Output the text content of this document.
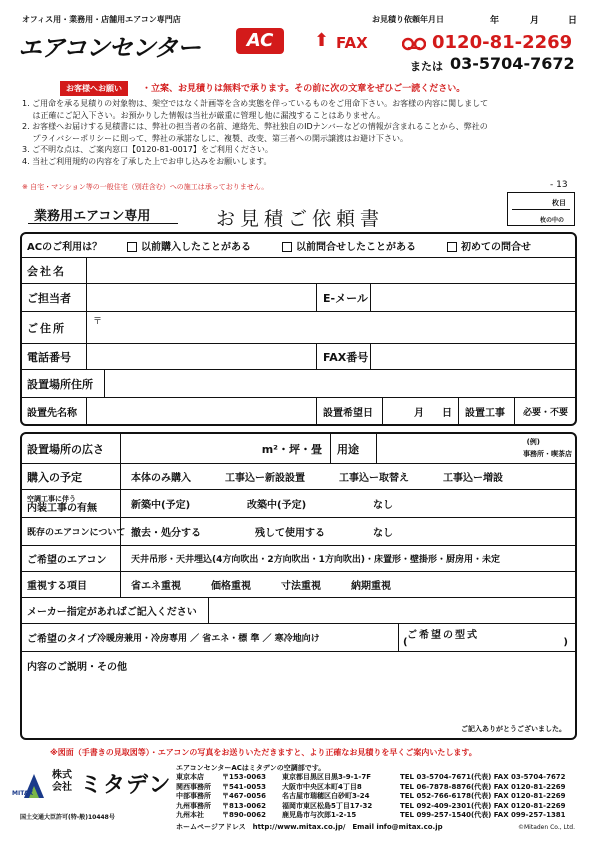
オフィス用・業務用・店舗用エアコン専門店	お見積り依頼年月日	年	月	日
エアコンセンター	AC	⬆ FAX	0120-81-2269
または 03-5704-7672
お客様へお願い	・立案、お見積りは無料で承ります。その前に次の文章をぜひご一読ください。
1. ご用命を承る見積りの対象物は、架空ではなく計画等を含め実態を伴っているものをご用命下さい。お客様の内容に関しまして
　 は正確にご記入下さい。お預かりした情報は当社が厳重に管理し他に漏洩することはありません。
2. お客様へお届けする見積書には、弊社の担当者の名前、連絡先、弊社独自のIDナンバーなどの情報が含まれることから、弊社の
　 プライバシーポリシーに則って、弊社の承諾なしに、複製、改变、第三者への開示譲渡はお避け下さい。
3. ご不明な点は、ご案内窓口【0120-81-0017】をご利用ください。
4. 当社ご利用規約の内容を了承した上でお申し込みをお願いします。
※ 自宅・マンション等の一般住宅（別荘含む）への施工は承っておりません。	- 13
枚目
枚の中の
業務用エアコン専用	お見積ご依頼書
ACのご利用は？	以前購入したことがある	以前問合せしたことがある	初めての問合せ
会社名
ご担当者	E-メール
ご住所	〒
電話番号	FAX番号
設置場所住所
設置先名称	設置希望日	月 日	設置工事	必要・不要
設置場所の広さ	m²・坪・畳	用途
(例)
事務所・喫茶店
購入の予定	本体のみ購入	工事込ー新設設置	工事込ー取替え	工事込ー増設
空調工事に伴う
内装工事の有無	新築中(予定)	改築中(予定)	なし
既存のエアコンについて 撤去・処分する	残して使用する	なし
ご希望のエアコン	天井吊形・天井埋込(4方向吹出・2方向吹出・1方向吹出)・床置形・壁掛形・厨房用・未定
重視する項目	省エネ重視	価格重視	寸法重視	納期重視
メーカー指定があればご記入ください
ご希望のタイプ 冷暖房兼用・冷房専用 ／ 省エネ・標 準 ／ 寒冷地向け	ご希望の型式
(	)
内容のご説明・その他
ご記入ありがとうございました。
※図面（手書きの見取図等）・エアコンの写真をお送りいただきますと、より正確なお見積りを早くご案内いたします。
MITAX
株式
会社 ミタデン
国土交通大臣許可(特-般)10448号
エアコンセンターACはミタデンの空調部です。
東京本店	〒153-0063	東京都目黒区目黒3-9-1-7F	TEL 03-5704-7671(代表) FAX 03-5704-7672
関西事務所	〒541-0053	大阪市中央区本町4丁目8	TEL 06-7878-8876(代表) FAX 0120-81-2269
中部事務所	〒467-0056	名古屋市瑞穂区白砂町3-24	TEL 052-766-6178(代表) FAX 0120-81-2269
九州事務所	〒813-0062	福岡市東区松島5丁目17-32	TEL 092-409-2301(代表) FAX 0120-81-2269
九州本社	〒890-0062	鹿児島市与次郎1-2-15	TEL 099-257-1540(代表) FAX 099-257-1381
ホームページアドレス　http://www.mitax.co.jp/　Email info@mitax.co.jp	©Mitaden Co., Ltd.
